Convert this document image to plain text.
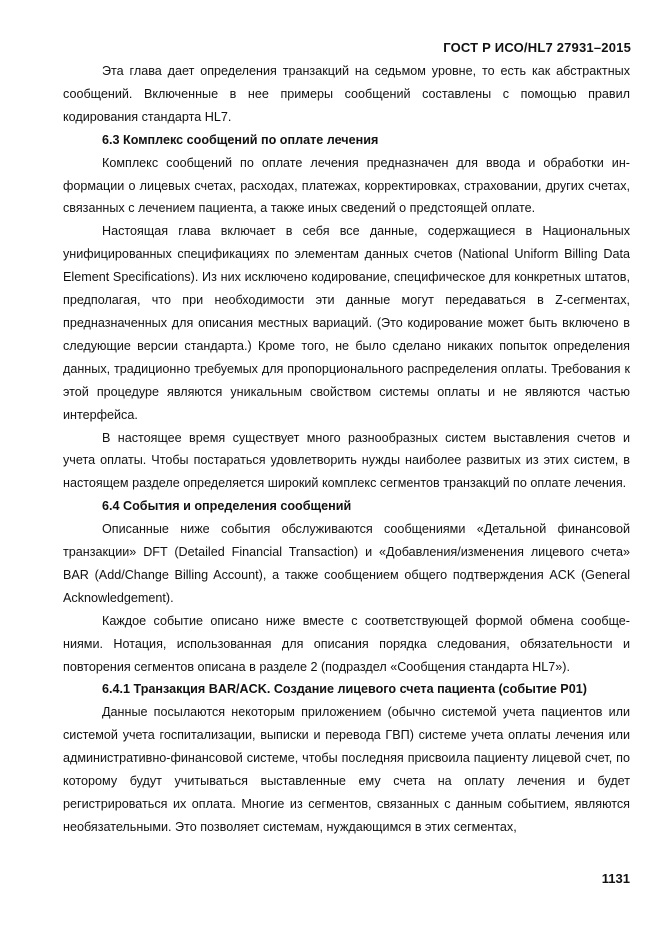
ГОСТ Р ИСО/HL7 27931–2015

Эта глава дает определения транзакций на седьмом уровне, то есть как абстрактных сообщений. Включенные в нее примеры сообщений составлены с помощью правил кодирования стандарта HL7.

6.3 Комплекс сообщений по оплате лечения

Комплекс сообщений по оплате лечения предназначен для ввода и обработки информации о лицевых счетах, расходах, платежах, корректировках, страховании, других счетах, связанных с лечением пациента, а также иных сведений о предстоящей оплате.

Настоящая глава включает в себя все данные, содержащиеся в Национальных унифицированных спецификациях по элементам данных счетов (National Uniform Billing Data Element Specifications). Из них исключено кодирование, специфическое для конкретных штатов, предполагая, что при необходимости эти данные могут передаваться в Z-сегментах, предназначенных для описания местных вариаций. (Это кодирование может быть включено в следующие версии стандарта.) Кроме того, не было сделано никаких попыток определения данных, традиционно требуемых для пропорционального распределения оплаты. Требования к этой процедуре являются уникальным свойством системы оплаты и не являются частью интерфейса.

В настоящее время существует много разнообразных систем выставления счетов и учета оплаты. Чтобы постараться удовлетворить нужды наиболее развитых из этих систем, в настоящем разделе определяется широкий комплекс сегментов транзакций по оплате лечения.

6.4 События и определения сообщений

Описанные ниже события обслуживаются сообщениями «Детальной финансовой транзакции» DFT (Detailed Financial Transaction) и «Добавления/изменения лицевого счета» BAR (Add/Change Billing Account), а также сообщением общего подтверждения ACK (General Acknowledgement).

Каждое событие описано ниже вместе с соответствующей формой обмена сообщениями. Нотация, использованная для описания порядка следования, обязательности и повторения сегментов описана в разделе 2 (подраздел «Сообщения стандарта HL7»).

6.4.1 Транзакция BAR/ACK. Создание лицевого счета пациента (событие P01)

Данные посылаются некоторым приложением (обычно системой учета пациентов или системой учета госпитализации, выписки и перевода ГВП) системе учета оплаты лечения или административно-финансовой системе, чтобы последняя присвоила пациенту лицевой счет, по которому будут учитываться выставленные ему счета на оплату лечения и будет регистрироваться их оплата. Многие из сегментов, связанных с данным событием, являются необязательными. Это позволяет системам, нуждающимся в этих сегментах,

1131
